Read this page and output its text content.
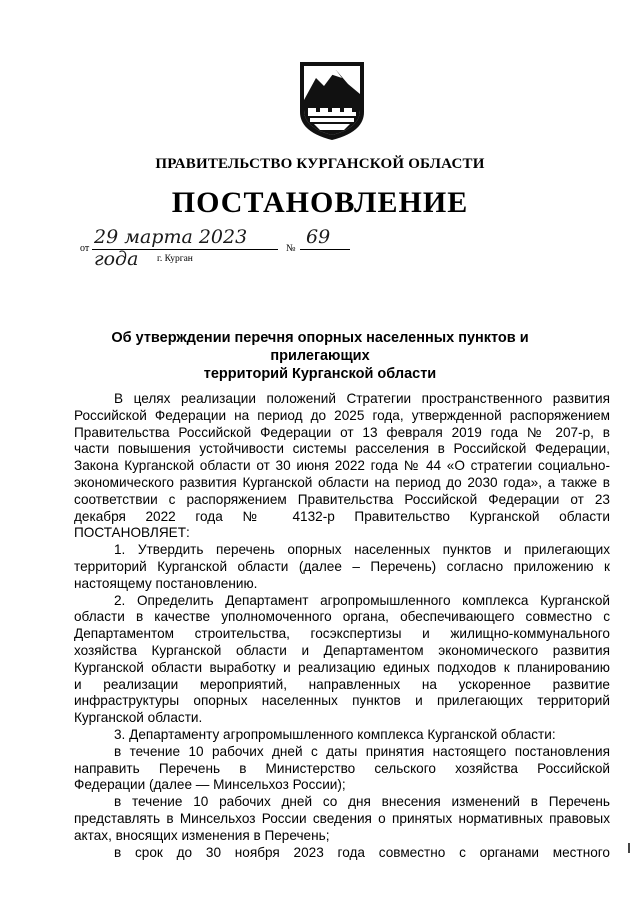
ПРАВИТЕЛЬСТВО КУРГАНСКОЙ ОБЛАСТИ
ПОСТАНОВЛЕНИЕ
от
29 марта 2023 года	№
69
г. Курган
Об утверждении перечня опорных населенных пунктов и прилегающих
территорий Курганской области
В целях реализации положений Стратегии пространственного развития
Российской Федерации на период до 2025 года, утвержденной распоряжением
Правительства Российской Федерации от 13 февраля 2019 года № 207-р, в
части повышения устойчивости системы расселения в Российской Федерации,
Закона Курганской области от 30 июня 2022 года № 44 «О стратегии социально-
экономического развития Курганской области на период до 2030 года», а также в
соответствии с распоряжением Правительства Российской Федерации от 23
декабря 2022 года № 4132-р Правительство Курганской области
ПОСТАНОВЛЯЕТ:
1. Утвердить перечень опорных населенных пунктов и прилегающих
территорий Курганской области (далее – Перечень) согласно приложению к
настоящему постановлению.
2. Определить Департамент агропромышленного комплекса Курганской
области в качестве уполномоченного органа, обеспечивающего совместно с
Департаментом строительства, госэкспертизы и жилищно-коммунального
хозяйства Курганской области и Департаментом экономического развития
Курганской области выработку и реализацию единых подходов к планированию
и реализации мероприятий, направленных на ускоренное развитие
инфраструктуры опорных населенных пунктов и прилегающих территорий
Курганской области.
3. Департаменту агропромышленного комплекса Курганской области:
в течение 10 рабочих дней с даты принятия настоящего постановления
направить Перечень в Министерство сельского хозяйства Российской
Федерации (далее — Минсельхоз России);
в течение 10 рабочих дней со дня внесения изменений в Перечень
представлять в Минсельхоз России сведения о принятых нормативных правовых
актах, вносящих изменения в Перечень;
в срок до 30 ноября 2023 года совместно с органами местного
